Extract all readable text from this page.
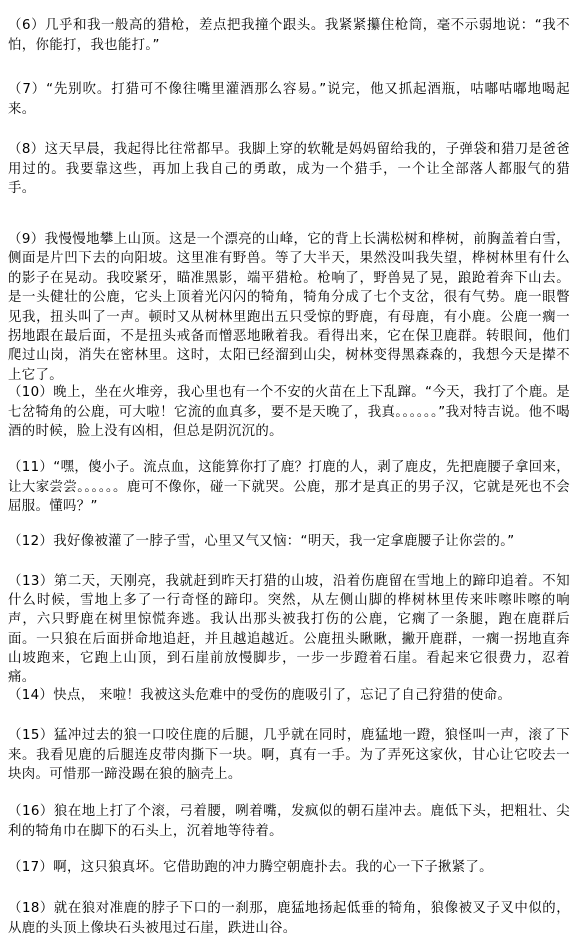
（6）几乎和我一般高的猎枪，差点把我撞个跟头。我紧紧攥住枪筒，毫不示弱地说：“我不怕，你能打，我也能打。”

（7）“先别吹。打猎可不像往嘴里灌酒那么容易。”说完，他又抓起酒瓶，咕嘟咕嘟地喝起来。

（8）这天早晨，我起得比往常都早。我脚上穿的软靴是妈妈留给我的，子弹袋和猎刀是爸爸用过的。我要靠这些，再加上我自己的勇敢，成为一个猎手，一个让全部落人都服气的猎手。

（9）我慢慢地攀上山顶。这是一个漂亮的山峰，它的背上长满松树和桦树，前胸盖着白雪，侧面是片凹下去的向阳坡。这里准有野兽。等了大半天，果然没叫我失望，桦树林里有什么的影子在晃动。我咬紧牙，瞄准黑影，端平猎枪。枪响了，野兽晃了晃，踉跄着奔下山去。是一头健壮的公鹿，它头上顶着光闪闪的犄角，犄角分成了七个支岔，很有气势。鹿一眼瞥见我，扭头叫了一声。顿时又从树林里跑出五只受惊的野鹿，有母鹿，有小鹿。公鹿一瘸一拐地跟在最后面，不是扭头戒备而憎恶地瞅着我。看得出来，它在保卫鹿群。转眼间，他们爬过山岗，消失在密林里。这时，太阳已经溜到山尖，树林变得黑森森的，我想今天是撵不上它了。

（10）晚上，坐在火堆旁，我心里也有一个不安的火苗在上下乱蹿。“今天，我打了个鹿。是七岔犄角的公鹿，可大啦！它流的血真多，要不是天晚了，我真。。。。。。”我对特吉说。他不喝酒的时候，脸上没有凶相，但总是阴沉沉的。

（11）“嘿，傻小子。流点血，这能算你打了鹿？打鹿的人，剥了鹿皮，先把鹿腰子拿回来，让大家尝尝。。。。。。鹿可不像你，碰一下就哭。公鹿，那才是真正的男子汉，它就是死也不会屈服。懂吗？”

（12）我好像被灌了一脖子雪，心里又气又恼：“明天，我一定拿鹿腰子让你尝的。”

（13）第二天，天刚亮，我就赶到昨天打猎的山坡，沿着伤鹿留在雪地上的蹄印追着。不知什么时候，雪地上多了一行奇怪的蹄印。突然，从左侧山脚的桦树林里传来咔嚓咔嚓的响声，六只野鹿在树里惊慌奔逃。我认出那头被我打伤的公鹿，它瘸了一条腿，跑在鹿群后面。一只狼在后面拼命地追赶，并且越追越近。公鹿扭头瞅瞅，撇开鹿群，一瘸一拐地直奔山坡跑来，它跑上山顶，到石崖前放慢脚步，一步一步蹬着石崖。看起来它很费力，忍着痛。

（14）快点， 来啦！我被这头危难中的受伤的鹿吸引了，忘记了自己狩猎的使命。

（15）猛冲过去的狼一口咬住鹿的后腿，几乎就在同时，鹿猛地一蹬，狼怪叫一声，滚了下来。我看见鹿的后腿连皮带肉撕下一块。啊，真有一手。为了弄死这家伙，甘心让它咬去一块肉。可惜那一蹄没踢在狼的脑壳上。

（16）狼在地上打了个滚，弓着腰，咧着嘴，发疯似的朝石崖冲去。鹿低下头，把粗壮、尖利的犄角巾在脚下的石头上，沉着地等待着。

（17）啊，这只狼真坏。它借助跑的冲力腾空朝鹿扑去。我的心一下子揪紧了。

（18）就在狼对准鹿的脖子下口的一刹那，鹿猛地扬起低垂的犄角，狼像被叉子叉中似的，从鹿的头顶上像块石头被甩过石崖，跌进山谷。
